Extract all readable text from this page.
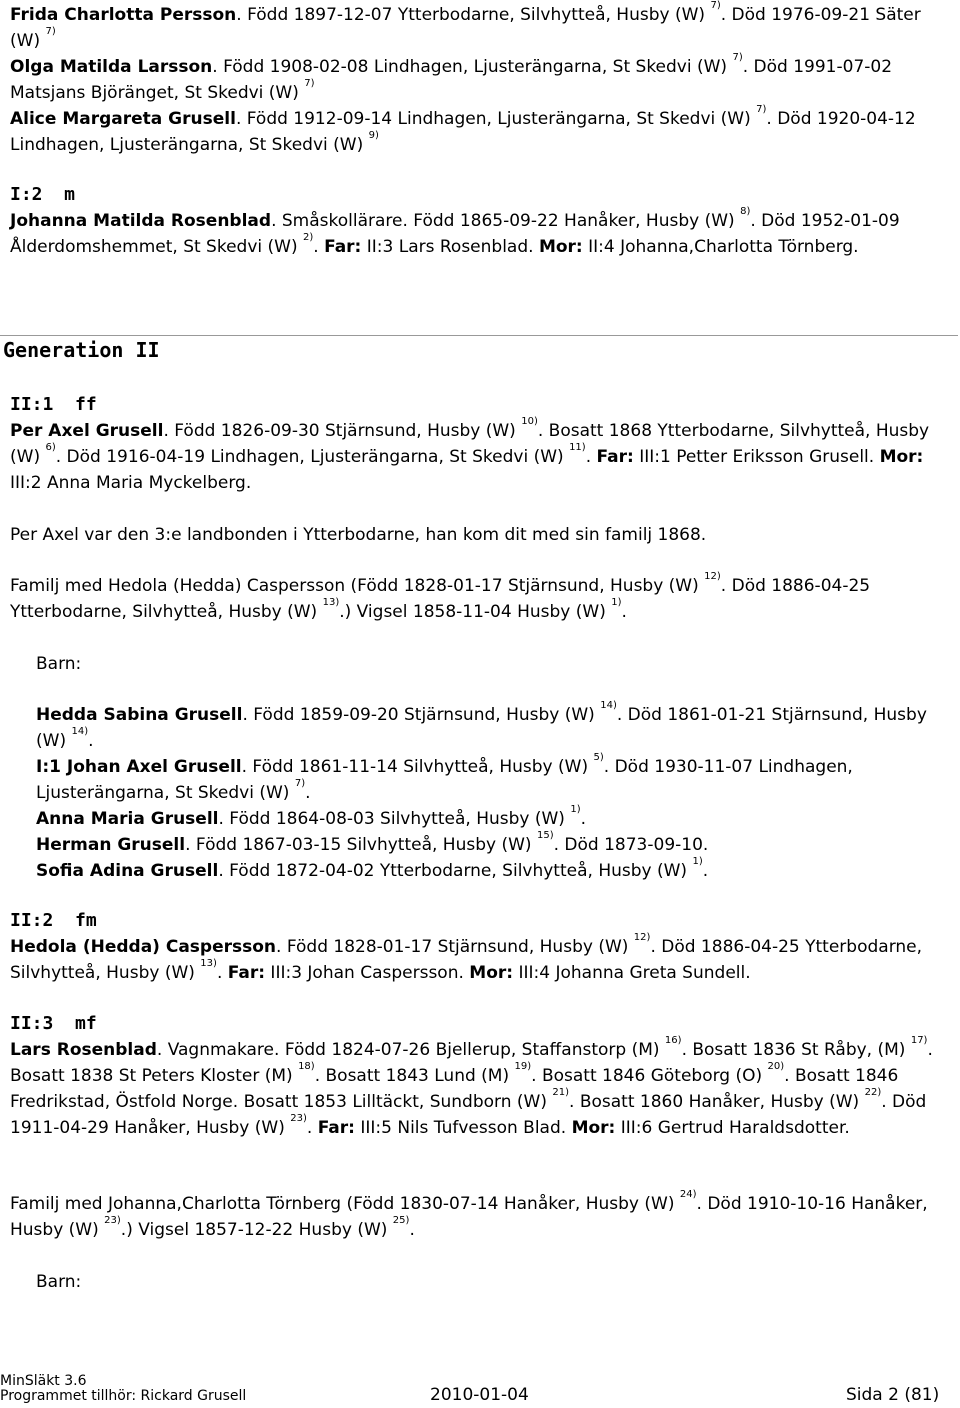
Frida Charlotta Persson. Född 1897-12-07 Ytterbodarne, Silvhytteå, Husby (W) $^{7)}$. Död 1976-09-21 Säter (W) $^{7)}$

Olga Matilda Larsson. Född 1908-02-08 Lindhagen, Ljusterängarna, St Skedvi (W) $^{7)}$. Död 1991-07-02 Matsjans Björänget, St Skedvi (W) $^{7)}$

Alice Margareta Grusell. Född 1912-09-14 Lindhagen, Ljusterängarna, St Skedvi (W) $^{7)}$. Död 1920-04-12 Lindhagen, Ljusterängarna, St Skedvi (W) $^{9)}$

I:2  m

Johanna Matilda Rosenblad. Småskollärare. Född 1865-09-22 Hanåker, Husby (W) $^{8)}$. Död 1952-01-09 Ålderdomshemmet, St Skedvi (W) $^{2)}$. Far: II:3 Lars Rosenblad. Mor: II:4 Johanna,Charlotta Törnberg.

Generation II

II:1  ff

Per Axel Grusell. Född 1826-09-30 Stjärnsund, Husby (W) $^{10)}$. Bosatt 1868 Ytterbodarne, Silvhytteå, Husby (W) $^{6)}$. Död 1916-04-19 Lindhagen, Ljusterängarna, St Skedvi (W) $^{11)}$. Far: III:1 Petter Eriksson Grusell. Mor: III:2 Anna Maria Myckelberg.

Per Axel var den 3:e landbonden i Ytterbodarne, han kom dit med sin familj 1868.
Familj med Hedola (Hedda) Caspersson (Född 1828-01-17 Stjärnsund, Husby (W) $^{12)}$. Död 1886-04-25 Ytterbodarne, Silvhytteå, Husby (W) $^{13)}$.) Vigsel 1858-11-04 Husby (W) $^{1)}$.
Barn:

Hedda Sabina Grusell. Född 1859-09-20 Stjärnsund, Husby (W) $^{14)}$. Död 1861-01-21 Stjärnsund, Husby (W) $^{14)}$.

I:1 Johan Axel Grusell. Född 1861-11-14 Silvhytteå, Husby (W) $^{5)}$. Död 1930-11-07 Lindhagen, Ljusterängarna, St Skedvi (W) $^{7)}$.

Anna Maria Grusell. Född 1864-08-03 Silvhytteå, Husby (W) $^{1)}$.

Herman Grusell. Född 1867-03-15 Silvhytteå, Husby (W) $^{15)}$. Död 1873-09-10.

Sofia Adina Grusell. Född 1872-04-02 Ytterbodarne, Silvhytteå, Husby (W) $^{1)}$.

II:2  fm

Hedola (Hedda) Caspersson. Född 1828-01-17 Stjärnsund, Husby (W) $^{12)}$. Död 1886-04-25 Ytterbodarne, Silvhytteå, Husby (W) $^{13)}$. Far: III:3 Johan Caspersson. Mor: III:4 Johanna Greta Sundell.

II:3  mf

Lars Rosenblad. Vagnmakare. Född 1824-07-26 Bjellerup, Staffanstorp (M) $^{16)}$. Bosatt 1836 St Råby, (M) $^{17)}$. Bosatt 1838 St Peters Kloster (M) $^{18)}$. Bosatt 1843 Lund (M) $^{19)}$. Bosatt 1846 Göteborg (O) $^{20)}$. Bosatt 1846 Fredrikstad, Östfold Norge. Bosatt 1853 Lilltäckt, Sundborn (W) $^{21)}$. Bosatt 1860 Hanåker, Husby (W) $^{22)}$. Död 1911-04-29 Hanåker, Husby (W) $^{23)}$. Far: III:5 Nils Tufvesson Blad. Mor: III:6 Gertrud Haraldsdotter.

Familj med Johanna,Charlotta Törnberg (Född 1830-07-14 Hanåker, Husby (W) $^{24)}$. Död 1910-10-16 Hanåker, Husby (W) $^{23)}$.) Vigsel 1857-12-22 Husby (W) $^{25)}$.
Barn:
MinSläkt 3.6
Programmet tillhör: Rickard Grusell	2010-01-04	Sida 2 (81)
